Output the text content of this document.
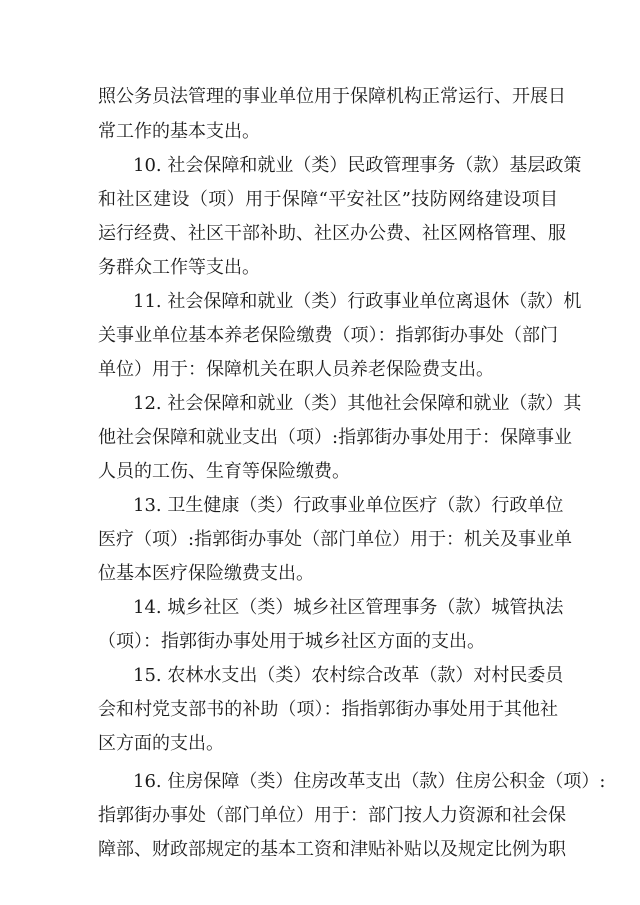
照公务员法管理的事业单位用于保障机构正常运行、开展日
常工作的基本支出。
10. 社会保障和就业（类）民政管理事务（款）基层政策
和社区建设（项）用于保障“平安社区”技防网络建设项目
运行经费、社区干部补助、社区办公费、社区网格管理、服
务群众工作等支出。
11. 社会保障和就业（类）行政事业单位离退休（款）机
关事业单位基本养老保险缴费（项）：指郭街办事处（部门
单位）用于：保障机关在职人员养老保险费支出。
12. 社会保障和就业（类）其他社会保障和就业（款）其
他社会保障和就业支出（项）:指郭街办事处用于：保障事业
人员的工伤、生育等保险缴费。
13. 卫生健康（类）行政事业单位医疗（款）行政单位
医疗（项）:指郭街办事处（部门单位）用于：机关及事业单
位基本医疗保险缴费支出。
14. 城乡社区（类）城乡社区管理事务（款）城管执法
（项）：指郭街办事处用于城乡社区方面的支出。
15. 农林水支出（类）农村综合改革（款）对村民委员
会和村党支部书的补助（项）：指指郭街办事处用于其他社
区方面的支出。
16. 住房保障（类）住房改革支出（款）住房公积金（项）:
指郭街办事处（部门单位）用于：部门按人力资源和社会保
障部、财政部规定的基本工资和津贴补贴以及规定比例为职
